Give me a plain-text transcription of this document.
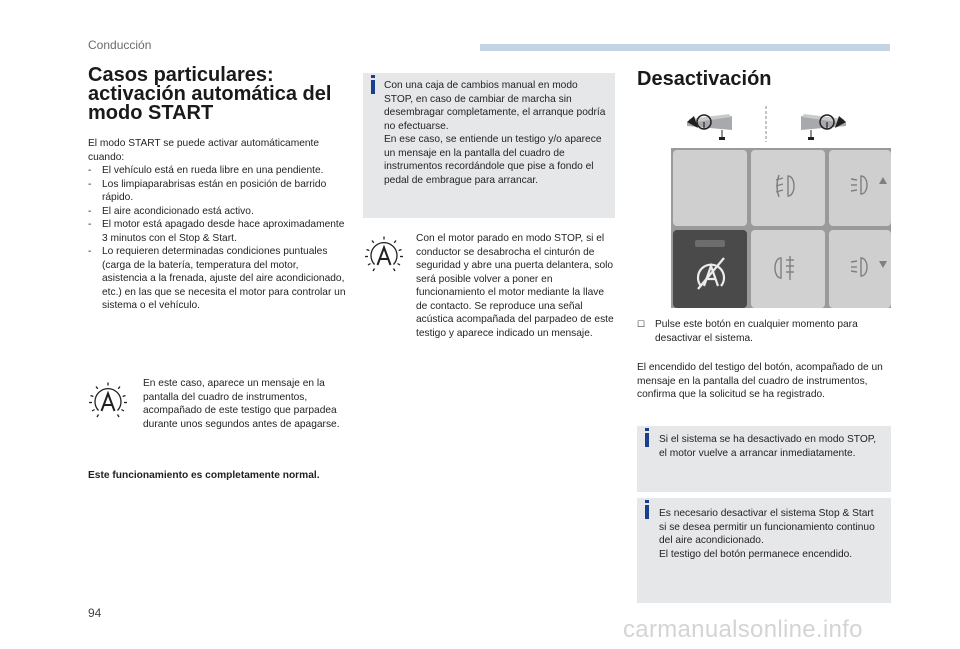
Conducción
Casos particulares:
activación automática del
modo START
El modo START se puede activar automáticamente cuando:
- El vehículo está en rueda libre en una pendiente.
- Los limpiaparabrisas están en posición de barrido rápido.
- El aire acondicionado está activo.
- El motor está apagado desde hace aproximadamente 3 minutos con el Stop & Start.
- Lo requieren determinadas condiciones puntuales (carga de la batería, temperatura del motor, asistencia a la frenada, ajuste del aire acondicionado, etc.) en las que se necesita el motor para controlar un sistema o el vehículo.
En este caso, aparece un mensaje en la pantalla del cuadro de instrumentos, acompañado de este testigo que parpadea durante unos segundos antes de apagarse.
Este funcionamiento es completamente normal.
Con una caja de cambios manual en modo STOP, en caso de cambiar de marcha sin desembragar completamente, el arranque podría no efectuarse.
En ese caso, se entiende un testigo y/o aparece un mensaje en la pantalla del cuadro de instrumentos recordándole que pise a fondo el pedal de embrague para arrancar.
Con el motor parado en modo STOP, si el conductor se desabrocha el cinturón de seguridad y abre una puerta delantera, solo será posible volver a poner en funcionamiento el motor mediante la llave de contacto. Se reproduce una señal acústica acompañada del parpadeo de este testigo y aparece indicado un mensaje.
Desactivación
☐ Pulse este botón en cualquier momento para desactivar el sistema.
El encendido del testigo del botón, acompañado de un mensaje en la pantalla del cuadro de instrumentos, confirma que la solicitud se ha registrado.
Si el sistema se ha desactivado en modo STOP, el motor vuelve a arrancar inmediatamente.
Es necesario desactivar el sistema Stop & Start si se desea permitir un funcionamiento continuo del aire acondicionado.
El testigo del botón permanece encendido.
94
carmanualsonline.info
